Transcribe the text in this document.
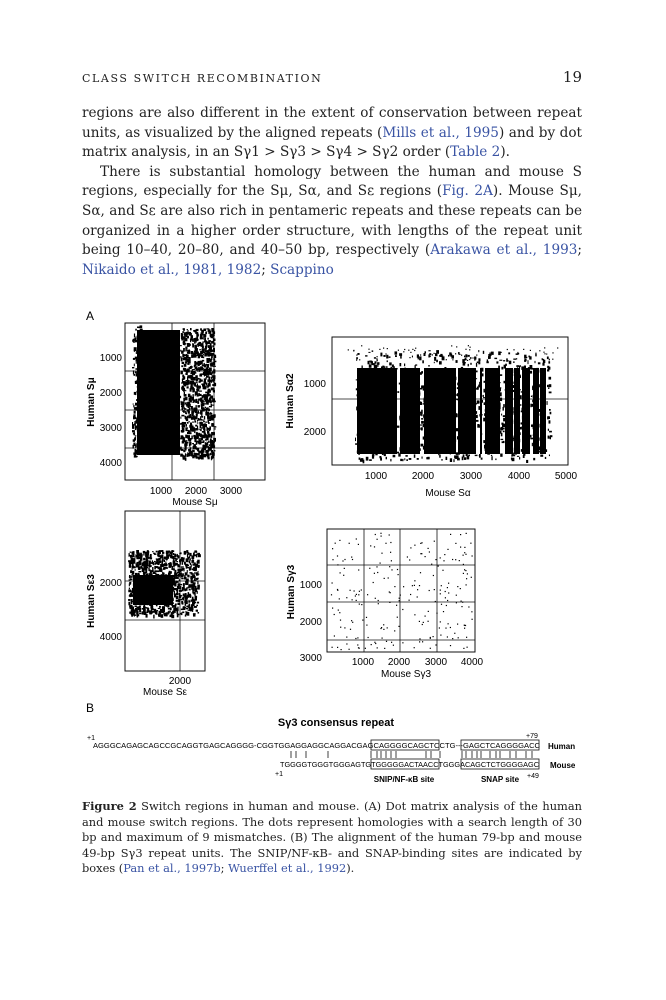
CLASS SWITCH RECOMBINATION	19

regions are also different in the extent of conservation between repeat units, as visualized by the aligned repeats (Mills et al., 1995) and by dot matrix analysis, in an Sγ1 > Sγ3 > Sγ4 > Sγ2 order (Table 2).

There is substantial homology between the human and mouse S regions, especially for the Sμ, Sα, and Sε regions (Fig. 2A). Mouse Sμ, Sα, and Sε are also rich in pentameric repeats and these repeats can be organized in a higher order structure, with lengths of the repeat unit being 10–40, 20–80, and 40–50 bp, respectively (Arakawa et al., 1993; Nikaido et al., 1981, 1982; Scappino

A
B
1000
2000
3000
4000
1000 2000 3000
Mouse Sμ
Human Sμ	1000
2000
1000 2000	3000	4000 5000
Mouse Sα
Human Sα2
2000
4000
2000
Mouse Sε
Human Sε3	1000
2000
3000	1000 2000 3000 4000
Mouse Sγ3
Human Sγ3
Sγ3 consensus repeat
+1	+79
AGGGCAGAGCAGCCGCAGGTGAGCAGGGG-CGGTGGAGGAGGCAGGACGAGCAGGGGCAGCTCCTG---GAGCTCAGGGGACC Human
TGGGGTGGGTGGGAGTGTGGGGGACTAACCTGGGACAGCTCTGGGGAGC Mouse
+1	+49
SNIP/NF-κB site	SNAP site
Figure 2 Switch regions in human and mouse. (A) Dot matrix analysis of the human and mouse switch regions. The dots represent homologies with a search length of 30 bp and maximum of 9 mismatches. (B) The alignment of the human 79-bp and mouse 49-bp Sγ3 repeat units. The SNIP/NF-κB- and SNAP-binding sites are indicated by boxes (Pan et al., 1997b; Wuerffel et al., 1992).
